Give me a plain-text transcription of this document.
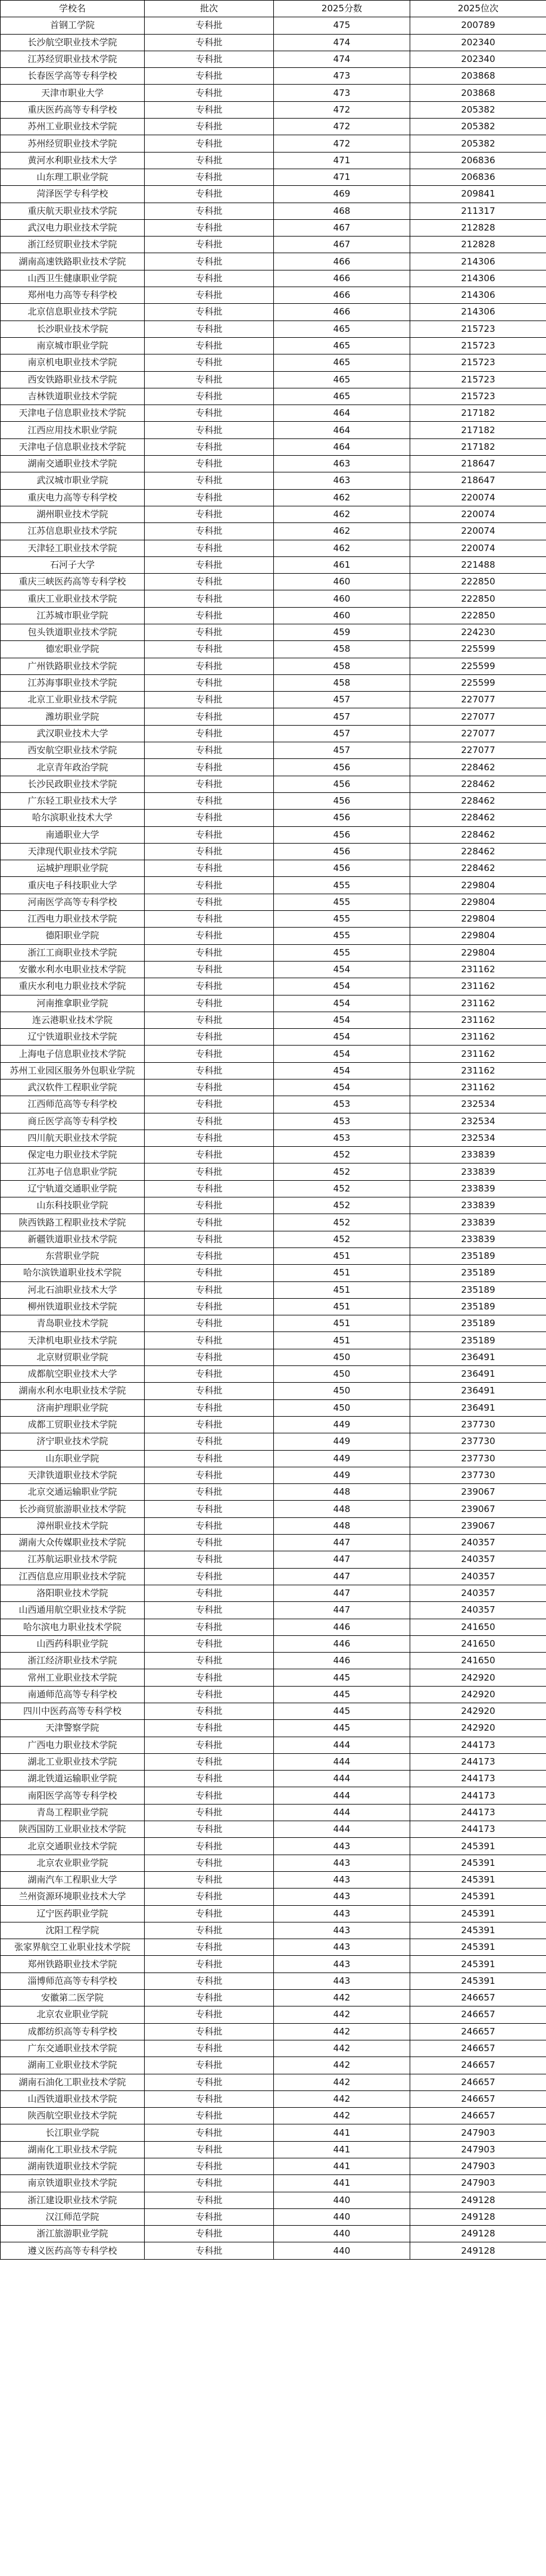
学校名	批次	2025分数	2025位次
首钢工学院	专科批	475	200789
长沙航空职业技术学院	专科批	474	202340
江苏经贸职业技术学院	专科批	474	202340
长春医学高等专科学校	专科批	473	203868
天津市职业大学	专科批	473	203868
重庆医药高等专科学校	专科批	472	205382
苏州工业职业技术学院	专科批	472	205382
苏州经贸职业技术学院	专科批	472	205382
黄河水利职业技术大学	专科批	471	206836
山东理工职业学院	专科批	471	206836
菏泽医学专科学校	专科批	469	209841
重庆航天职业技术学院	专科批	468	211317
武汉电力职业技术学院	专科批	467	212828
浙江经贸职业技术学院	专科批	467	212828
湖南高速铁路职业技术学院	专科批	466	214306
山西卫生健康职业学院	专科批	466	214306
郑州电力高等专科学校	专科批	466	214306
北京信息职业技术学院	专科批	466	214306
长沙职业技术学院	专科批	465	215723
南京城市职业学院	专科批	465	215723
南京机电职业技术学院	专科批	465	215723
西安铁路职业技术学院	专科批	465	215723
吉林铁道职业技术学院	专科批	465	215723
天津电子信息职业技术学院	专科批	464	217182
江西应用技术职业学院	专科批	464	217182
天津电子信息职业技术学院	专科批	464	217182
湖南交通职业技术学院	专科批	463	218647
武汉城市职业学院	专科批	463	218647
重庆电力高等专科学校	专科批	462	220074
湖州职业技术学院	专科批	462	220074
江苏信息职业技术学院	专科批	462	220074
天津轻工职业技术学院	专科批	462	220074
石河子大学	专科批	461	221488
重庆三峡医药高等专科学校	专科批	460	222850
重庆工业职业技术学院	专科批	460	222850
江苏城市职业学院	专科批	460	222850
包头铁道职业技术学院	专科批	459	224230
德宏职业学院	专科批	458	225599
广州铁路职业技术学院	专科批	458	225599
江苏海事职业技术学院	专科批	458	225599
北京工业职业技术学院	专科批	457	227077
潍坊职业学院	专科批	457	227077
武汉职业技术大学	专科批	457	227077
西安航空职业技术学院	专科批	457	227077
北京青年政治学院	专科批	456	228462
长沙民政职业技术学院	专科批	456	228462
广东轻工职业技术大学	专科批	456	228462
哈尔滨职业技术大学	专科批	456	228462
南通职业大学	专科批	456	228462
天津现代职业技术学院	专科批	456	228462
运城护理职业学院	专科批	456	228462
重庆电子科技职业大学	专科批	455	229804
河南医学高等专科学校	专科批	455	229804
江西电力职业技术学院	专科批	455	229804
德阳职业学院	专科批	455	229804
浙江工商职业技术学院	专科批	455	229804
安徽水利水电职业技术学院	专科批	454	231162
重庆水利电力职业技术学院	专科批	454	231162
河南推拿职业学院	专科批	454	231162
连云港职业技术学院	专科批	454	231162
辽宁铁道职业技术学院	专科批	454	231162
上海电子信息职业技术学院	专科批	454	231162
苏州工业园区服务外包职业学院	专科批	454	231162
武汉软件工程职业学院	专科批	454	231162
江西师范高等专科学校	专科批	453	232534
商丘医学高等专科学校	专科批	453	232534
四川航天职业技术学院	专科批	453	232534
保定电力职业技术学院	专科批	452	233839
江苏电子信息职业学院	专科批	452	233839
辽宁轨道交通职业学院	专科批	452	233839
山东科技职业学院	专科批	452	233839
陕西铁路工程职业技术学院	专科批	452	233839
新疆铁道职业技术学院	专科批	452	233839
东营职业学院	专科批	451	235189
哈尔滨铁道职业技术学院	专科批	451	235189
河北石油职业技术大学	专科批	451	235189
柳州铁道职业技术学院	专科批	451	235189
青岛职业技术学院	专科批	451	235189
天津机电职业技术学院	专科批	451	235189
北京财贸职业学院	专科批	450	236491
成都航空职业技术大学	专科批	450	236491
湖南水利水电职业技术学院	专科批	450	236491
济南护理职业学院	专科批	450	236491
成都工贸职业技术学院	专科批	449	237730
济宁职业技术学院	专科批	449	237730
山东职业学院	专科批	449	237730
天津铁道职业技术学院	专科批	449	237730
北京交通运输职业学院	专科批	448	239067
长沙商贸旅游职业技术学院	专科批	448	239067
漳州职业技术学院	专科批	448	239067
湖南大众传媒职业技术学院	专科批	447	240357
江苏航运职业技术学院	专科批	447	240357
江西信息应用职业技术学院	专科批	447	240357
洛阳职业技术学院	专科批	447	240357
山西通用航空职业技术学院	专科批	447	240357
哈尔滨电力职业技术学院	专科批	446	241650
山西药科职业学院	专科批	446	241650
浙江经济职业技术学院	专科批	446	241650
常州工业职业技术学院	专科批	445	242920
南通师范高等专科学校	专科批	445	242920
四川中医药高等专科学校	专科批	445	242920
天津警察学院	专科批	445	242920
广西电力职业技术学院	专科批	444	244173
湖北工业职业技术学院	专科批	444	244173
湖北铁道运输职业学院	专科批	444	244173
南阳医学高等专科学校	专科批	444	244173
青岛工程职业学院	专科批	444	244173
陕西国防工业职业技术学院	专科批	444	244173
北京交通职业技术学院	专科批	443	245391
北京农业职业学院	专科批	443	245391
湖南汽车工程职业大学	专科批	443	245391
兰州资源环境职业技术大学	专科批	443	245391
辽宁医药职业学院	专科批	443	245391
沈阳工程学院	专科批	443	245391
张家界航空工业职业技术学院	专科批	443	245391
郑州铁路职业技术学院	专科批	443	245391
淄博师范高等专科学校	专科批	443	245391
安徽第二医学院	专科批	442	246657
北京农业职业学院	专科批	442	246657
成都纺织高等专科学校	专科批	442	246657
广东交通职业技术学院	专科批	442	246657
湖南工业职业技术学院	专科批	442	246657
湖南石油化工职业技术学院	专科批	442	246657
山西铁道职业技术学院	专科批	442	246657
陕西航空职业技术学院	专科批	442	246657
长江职业学院	专科批	441	247903
湖南化工职业技术学院	专科批	441	247903
湖南铁道职业技术学院	专科批	441	247903
南京铁道职业技术学院	专科批	441	247903
浙江建设职业技术学院	专科批	440	249128
汉江师范学院	专科批	440	249128
浙江旅游职业学院	专科批	440	249128
遵义医药高等专科学校	专科批	440	249128
